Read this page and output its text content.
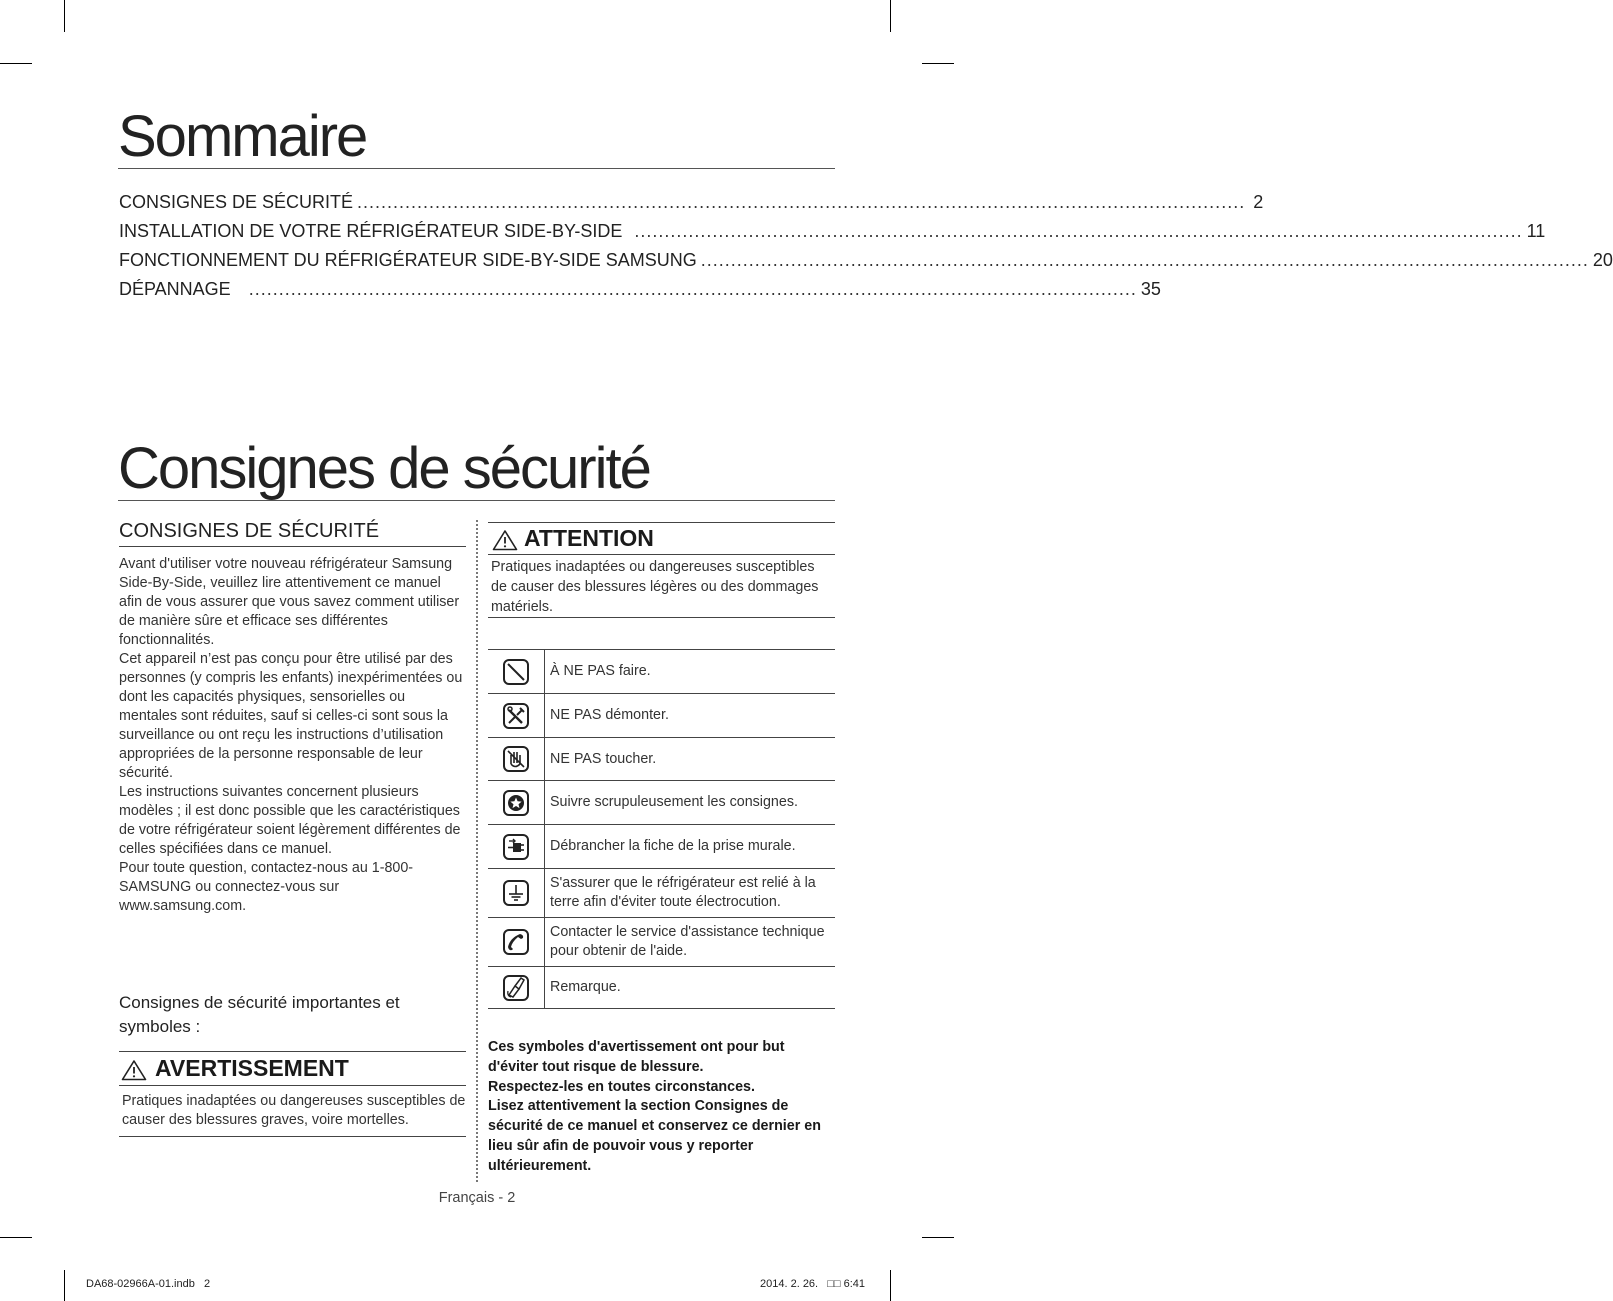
Sommaire
CONSIGNES DE SÉCURITÉ .................................................................................................................................................... 2
INSTALLATION DE VOTRE RÉFRIGÉRATEUR SIDE-BY-SIDE .................................................................................................................................................... 11
FONCTIONNEMENT DU RÉFRIGÉRATEUR SIDE-BY-SIDE SAMSUNG .................................................................................................................................................... 20
DÉPANNAGE .................................................................................................................................................... 35
Consignes de sécurité
CONSIGNES DE SÉCURITÉ

Avant d'utiliser votre nouveau réfrigérateur Samsung Side-By-Side, veuillez lire attentivement ce manuel afin de vous assurer que vous savez comment utiliser de manière sûre et efficace ses différentes fonctionnalités.

Cet appareil n’est pas conçu pour être utilisé par des personnes (y compris les enfants) inexpérimentées ou dont les capacités physiques, sensorielles ou mentales sont réduites, sauf si celles-ci sont sous la surveillance ou ont reçu les instructions d’utilisation appropriées de la personne responsable de leur sécurité.

Les instructions suivantes concernent plusieurs modèles ; il est donc possible que les caractéristiques de votre réfrigérateur soient légèrement différentes de celles spécifiées dans ce manuel.

Pour toute question, contactez-nous au 1-800-SAMSUNG ou connectez-vous sur www.samsung.com.

Consignes de sécurité importantes et symboles :
AVERTISSEMENT
Pratiques inadaptées ou dangereuses susceptibles de causer des blessures graves, voire mortelles.
ATTENTION
Pratiques inadaptées ou dangereuses susceptibles de causer des blessures légères ou des dommages matériels.
	À NE PAS faire.
	NE PAS démonter.
	NE PAS toucher.
	Suivre scrupuleusement les consignes.
	Débrancher la fiche de la prise murale.
	S'assurer que le réfrigérateur est relié à la terre afin d'éviter toute électrocution.
	Contacter le service d'assistance technique pour obtenir de l'aide.
	Remarque.

Ces symboles d'avertissement ont pour but d'éviter tout risque de blessure.

Respectez-les en toutes circonstances.

Lisez attentivement la section Consignes de sécurité de ce manuel et conservez ce dernier en lieu sûr afin de pouvoir vous y reporter ultérieurement.

Français - 2
DA68-02966A-01.indb   2	2014. 2. 26.   □□ 6:41
